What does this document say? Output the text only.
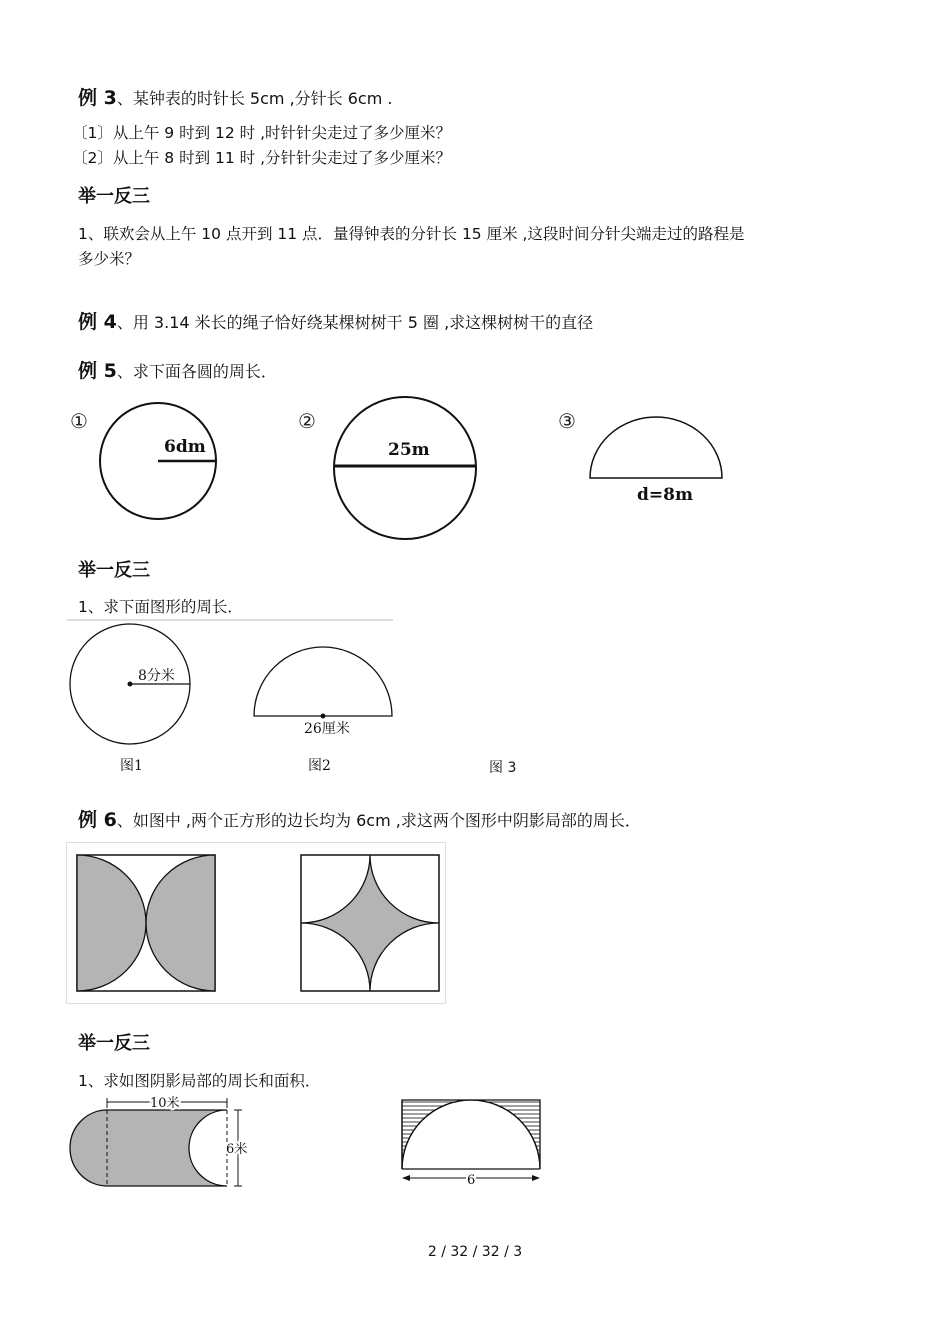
例 3、某钟表的时针长 5cm ,分针长 6cm .
〔1〕从上午 9 时到 12 时 ,时针针尖走过了多少厘米？
〔2〕从上午 8 时到 11 时 ,分针针尖走过了多少厘米？
举一反三
1、联欢会从上午 10 点开到 11 点．量得钟表的分针长 15 厘米 ,这段时间分针尖端走过的路程是
多少米？
例 4、用 3.14 米长的绳子恰好绕某棵树树干 5 圈 ,求这棵树树干的直径
例 5、求下面各圆的周长．
①
6dm
②
25m
③
d=8m
举一反三
1、求下面图形的周长．
8分米
图1
26厘米
图2	图 3
例 6、如图中 ,两个正方形的边长均为 6cm ,求这两个图形中阴影局部的周长．
举一反三
1、求如图阴影局部的周长和面积．
10米
6米
6
2 / 32 / 32 / 3
